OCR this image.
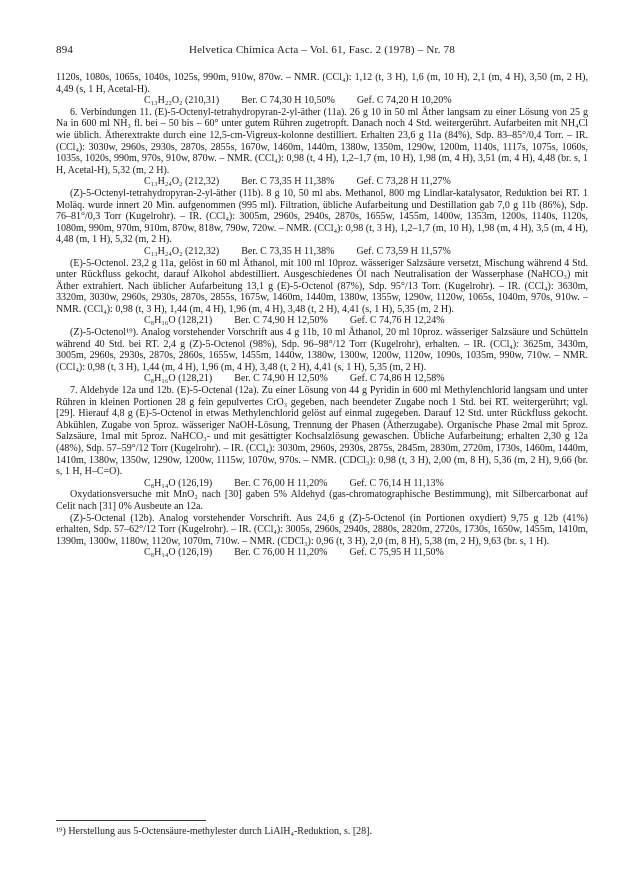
894	Helvetica Chimica Acta – Vol. 61, Fasc. 2 (1978) – Nr. 78

1120s, 1080s, 1065s, 1040s, 1025s, 990m, 910w, 870w. – NMR. (CCl₄): 1,12 (t, 3 H), 1,6 (m, 10 H), 2,1 (m, 4 H), 3,50 (m, 2 H), 4,49 (s, 1 H, Acetal-H).

C₁₃H₂₂O₂ (210,31) Ber. C 74,30 H 10,50% Gef. C 74,20 H 10,20%

6. Verbindungen 11. (E)-5-Octenyl-tetrahydropyran-2-yl-äther (11a). 26 g 10 in 50 ml Äther langsam zu einer Lösung von 25 g Na in 600 ml NH₃ fl. bei – 50 bis – 60° unter gutem Rühren zugetropft. Danach noch 4 Std. weitergerührt. Aufarbeiten mit NH₄Cl wie üblich. Ätherextrakte durch eine 12,5-cm-Vigreux-kolonne destilliert. Erhalten 23,6 g 11a (84%), Sdp. 83–85°/0,4 Torr. – IR. (CCl₄): 3030w, 2960s, 2930s, 2870s, 2855s, 1670w, 1460m, 1440m, 1380w, 1350m, 1290w, 1200m, 1140s, 1117s, 1075s, 1060s, 1035s, 1020s, 990m, 970s, 910w, 870w. – NMR. (CCl₄): 0,98 (t, 4 H), 1,2–1,7 (m, 10 H), 1,98 (m, 4 H), 3,51 (m, 4 H), 4,48 (br. s, 1 H, Acetal-H), 5,32 (m, 2 H).

C₁₃H₂₄O₂ (212,32) Ber. C 73,35 H 11,38% Gef. C 73,28 H 11,27%

(Z)-5-Octenyl-tetrahydropyran-2-yl-äther (11b). 8 g 10, 50 ml abs. Methanol, 800 mg Lindlar-katalysator, Reduktion bei RT. 1 Moläq. wurde innert 20 Min. aufgenommen (995 ml). Filtration, übliche Aufarbeitung und Destillation gab 7,0 g 11b (86%), Sdp. 76–81°/0,3 Torr (Kugelrohr). – IR. (CCl₄): 3005m, 2960s, 2940s, 2870s, 1655w, 1455m, 1400w, 1353m, 1200s, 1140s, 1120s, 1080m, 990m, 970m, 910m, 870w, 818w, 790w, 720w. – NMR. (CCl₄): 0,98 (t, 3 H), 1,2–1,7 (m, 10 H), 1,98 (m, 4 H), 3,5 (m, 4 H), 4,48 (m, 1 H), 5,32 (m, 2 H).

C₁₃H₂₄O₂ (212,32) Ber. C 73,35 H 11,38% Gef. C 73,59 H 11,57%

(E)-5-Octenol. 23,2 g 11a, gelöst in 60 ml Äthanol, mit 100 ml 10proz. wässeriger Salzsäure versetzt, Mischung während 4 Std. unter Rückfluss gekocht, darauf Alkohol abdestilliert. Ausgeschiedenes Öl nach Neutralisation der Wasserphase (NaHCO₃) mit Äther extrahiert. Nach üblicher Aufarbeitung 13,1 g (E)-5-Octenol (87%), Sdp. 95°/13 Torr. (Kugelrohr). – IR. (CCl₄): 3630m, 3320m, 3030w, 2960s, 2930s, 2870s, 2855s, 1675w, 1460m, 1440m, 1380w, 1355w, 1290w, 1120w, 1065s, 1040m, 970s, 910w. – NMR. (CCl₄): 0,98 (t, 3 H), 1,44 (m, 4 H), 1,96 (m, 4 H), 3,48 (t, 2 H), 4,41 (s, 1 H), 5,35 (m, 2 H).

C₈H₁₆O (128,21) Ber. C 74,90 H 12,50% Gef. C 74,76 H 12,24%

(Z)-5-Octenol¹⁹). Analog vorstehender Vorschrift aus 4 g 11b, 10 ml Äthanol, 20 ml 10proz. wässeriger Salzsäure und Schütteln während 40 Std. bei RT. 2,4 g (Z)-5-Octenol (98%), Sdp. 96–98°/12 Torr (Kugelrohr), erhalten. – IR. (CCl₄): 3625m, 3430m, 3005m, 2960s, 2930s, 2870s, 2860s, 1655w, 1455m, 1440w, 1380w, 1300w, 1200w, 1120w, 1090s, 1035m, 990w, 710w. – NMR. (CCl₄): 0,98 (t, 3 H), 1,44 (m, 4 H), 1,96 (m, 4 H), 3,48 (t, 2 H), 4,41 (s, 1 H), 5,35 (m, 2 H).

C₈H₁₆O (128,21) Ber. C 74,90 H 12,50% Gef. C 74,86 H 12,58%

7. Aldehyde 12a und 12b. (E)-5-Octenal (12a). Zu einer Lösung von 44 g Pyridin in 600 ml Methylenchlorid langsam und unter Rühren in kleinen Portionen 28 g fein gepulvertes CrO₃ gegeben, nach beendeter Zugabe noch 1 Std. bei RT. weitergerührt; vgl. [29]. Hierauf 4,8 g (E)-5-Octenol in etwas Methylenchlorid gelöst auf einmal zugegeben. Darauf 12 Std. unter Rückfluss gekocht. Abkühlen, Zugabe von 5proz. wässeriger NaOH-Lösung, Trennung der Phasen (Ätherzugabe). Organische Phase 2mal mit 5proz. Salzsäure, 1mal mit 5proz. NaHCO₃- und mit gesättigter Kochsalzlösung gewaschen. Übliche Aufarbeitung; erhalten 2,30 g 12a (48%), Sdp. 57–59°/12 Torr (Kugelrohr). – IR. (CCl₄): 3030m, 2960s, 2930s, 2875s, 2845m, 2830m, 2720m, 1730s, 1460m, 1440m, 1410m, 1380w, 1350w, 1290w, 1200w, 1115w, 1070w, 970s. – NMR. (CDCl₃): 0,98 (t, 3 H), 2,00 (m, 8 H), 5,36 (m, 2 H), 9,66 (br. s, 1 H, H–C=O).

C₈H₁₄O (126,19) Ber. C 76,00 H 11,20% Gef. C 76,14 H 11,13%

Oxydationsversuche mit MnO₂ nach [30] gaben 5% Aldehyd (gas-chromatographische Bestimmung), mit Silbercarbonat auf Celit nach [31] 0% Ausbeute an 12a.

(Z)-5-Octenal (12b). Analog vorstehender Vorschrift. Aus 24,6 g (Z)-5-Octenol (in Portionen oxydiert) 9,75 g 12b (41%) erhalten, Sdp. 57–62°/12 Torr (Kugelrohr). – IR. (CCl₄): 3005s, 2960s, 2940s, 2880s, 2820m, 2720s, 1730s, 1650w, 1455m, 1410m, 1390m, 1300w, 1180w, 1120w, 1070m, 710w. – NMR. (CDCl₃): 0,96 (t, 3 H), 2,0 (m, 8 H), 5,38 (m, 2 H), 9,63 (br. s, 1 H).

C₈H₁₄O (126,19) Ber. C 76,00 H 11,20% Gef. C 75,95 H 11,50%

¹⁹) Herstellung aus 5-Octensäure-methylester durch LiAlH₄-Reduktion, s. [28].
